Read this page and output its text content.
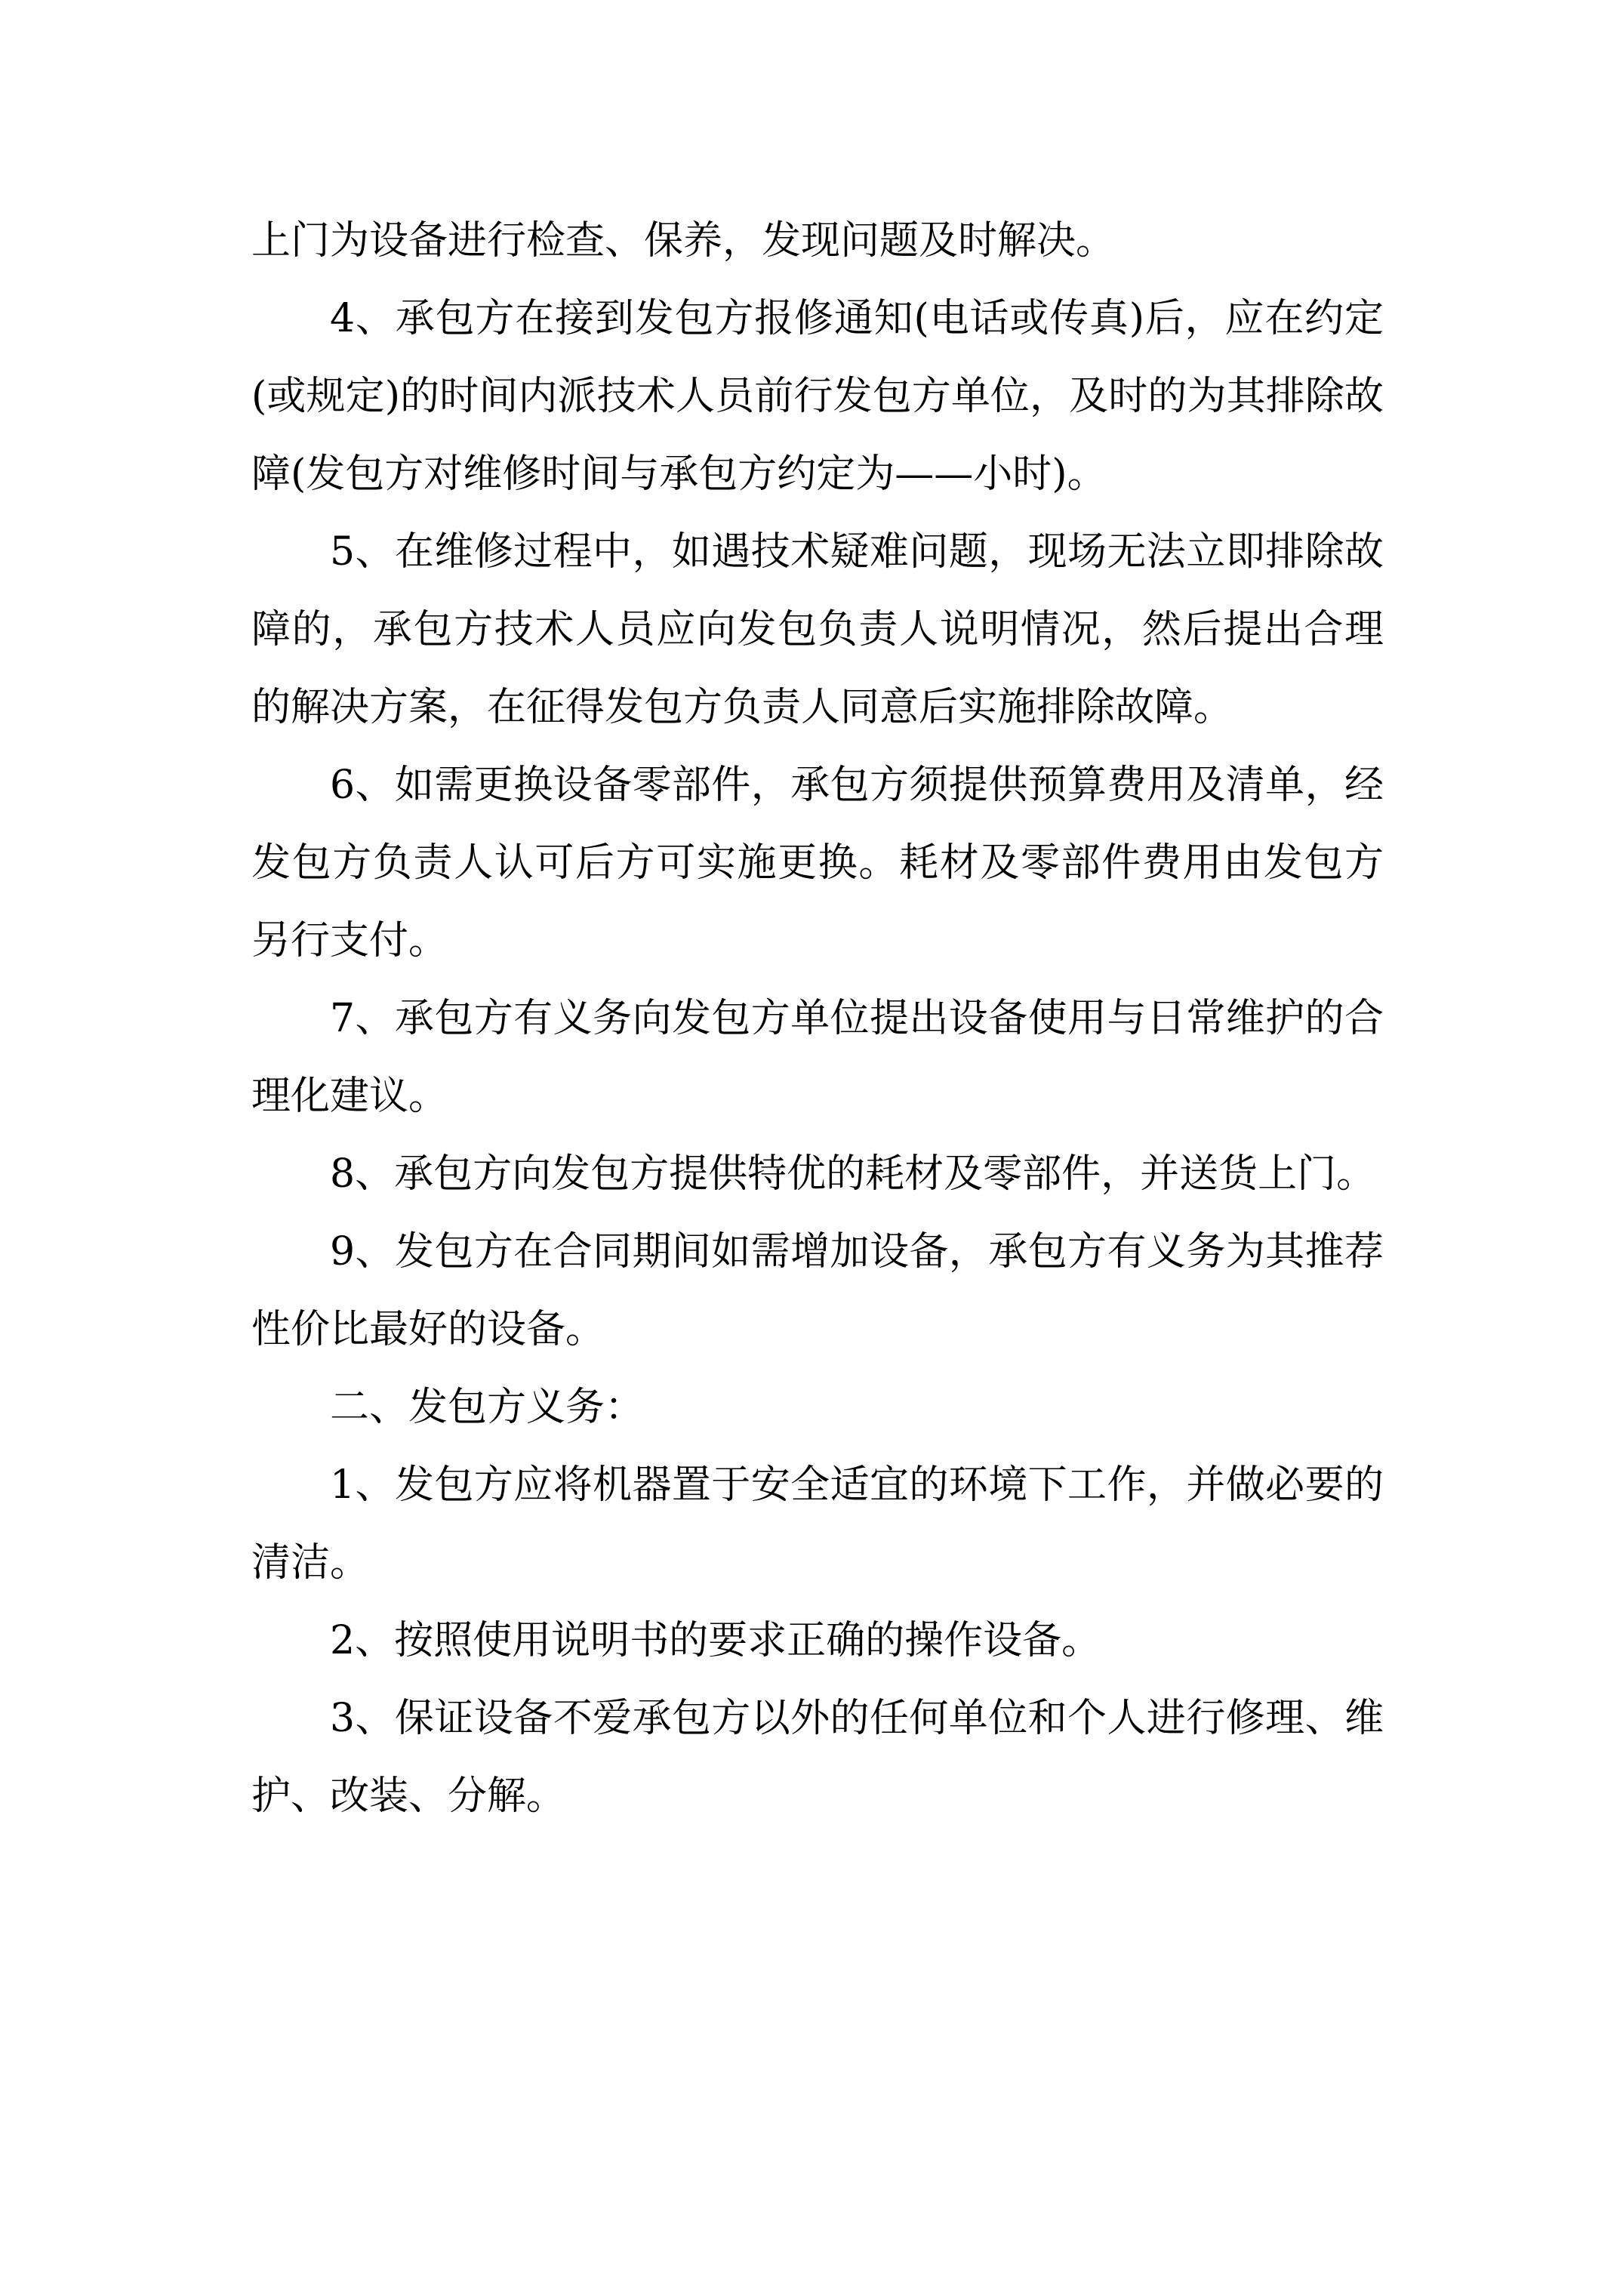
上门为设备进行检查、保养，发现问题及时解决。

4、承包方在接到发包方报修通知(电话或传真)后，应在约定(或规定)的时间内派技术人员前行发包方单位，及时的为其排除故障(发包方对维修时间与承包方约定为——小时)。

5、在维修过程中，如遇技术疑难问题，现场无法立即排除故障的，承包方技术人员应向发包负责人说明情况，然后提出合理的解决方案，在征得发包方负责人同意后实施排除故障。

6、如需更换设备零部件，承包方须提供预算费用及清单，经发包方负责人认可后方可实施更换。耗材及零部件费用由发包方另行支付。

7、承包方有义务向发包方单位提出设备使用与日常维护的合理化建议。

8、承包方向发包方提供特优的耗材及零部件，并送货上门。

9、发包方在合同期间如需增加设备，承包方有义务为其推荐性价比最好的设备。

二、发包方义务：

1、发包方应将机器置于安全适宜的环境下工作，并做必要的清洁。

2、按照使用说明书的要求正确的操作设备。

3、保证设备不爱承包方以外的任何单位和个人进行修理、维护、改装、分解。
